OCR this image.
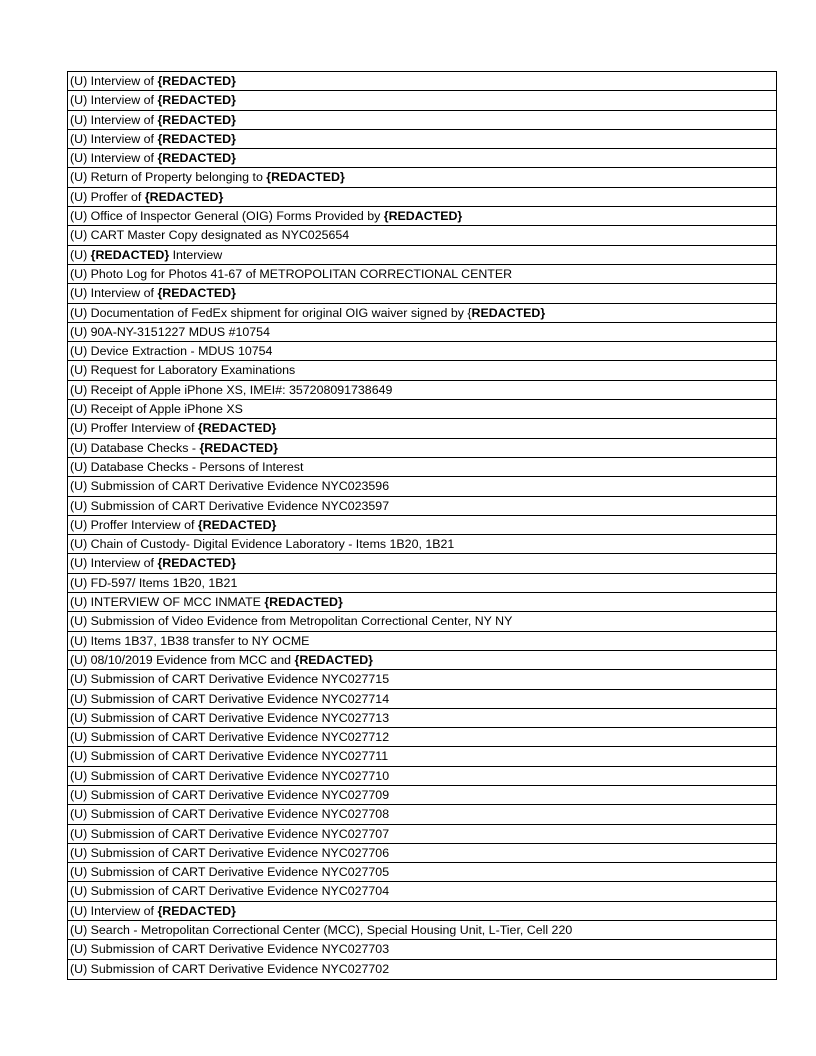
(U) Interview of {REDACTED}
(U) Interview of {REDACTED}
(U) Interview of {REDACTED}
(U) Interview of {REDACTED}
(U) Interview of {REDACTED}
(U) Return of Property belonging to {REDACTED}
(U) Proffer of {REDACTED}
(U) Office of Inspector General (OIG) Forms Provided by {REDACTED}
(U) CART Master Copy designated as NYC025654
(U) {REDACTED} Interview
(U) Photo Log for Photos 41-67 of METROPOLITAN CORRECTIONAL CENTER
(U) Interview of {REDACTED}
(U) Documentation of FedEx shipment for original OIG waiver signed by {REDACTED}
(U) 90A-NY-3151227 MDUS #10754
(U) Device Extraction - MDUS 10754
(U) Request for Laboratory Examinations
(U) Receipt of Apple iPhone XS, IMEI#: 357208091738649
(U) Receipt of Apple iPhone XS
(U) Proffer Interview of {REDACTED}
(U) Database Checks - {REDACTED}
(U) Database Checks - Persons of Interest
(U) Submission of CART Derivative Evidence NYC023596
(U) Submission of CART Derivative Evidence NYC023597
(U) Proffer Interview of {REDACTED}
(U) Chain of Custody- Digital Evidence Laboratory - Items 1B20, 1B21
(U) Interview of {REDACTED}
(U) FD-597/ Items 1B20, 1B21
(U) INTERVIEW OF MCC INMATE {REDACTED}
(U) Submission of Video Evidence from Metropolitan Correctional Center, NY NY
(U) Items 1B37, 1B38 transfer to NY OCME
(U) 08/10/2019 Evidence from MCC and {REDACTED}
(U) Submission of CART Derivative Evidence NYC027715
(U) Submission of CART Derivative Evidence NYC027714
(U) Submission of CART Derivative Evidence NYC027713
(U) Submission of CART Derivative Evidence NYC027712
(U) Submission of CART Derivative Evidence NYC027711
(U) Submission of CART Derivative Evidence NYC027710
(U) Submission of CART Derivative Evidence NYC027709
(U) Submission of CART Derivative Evidence NYC027708
(U) Submission of CART Derivative Evidence NYC027707
(U) Submission of CART Derivative Evidence NYC027706
(U) Submission of CART Derivative Evidence NYC027705
(U) Submission of CART Derivative Evidence NYC027704
(U) Interview of {REDACTED}
(U) Search - Metropolitan Correctional Center (MCC), Special Housing Unit, L-Tier, Cell 220
(U) Submission of CART Derivative Evidence NYC027703
(U) Submission of CART Derivative Evidence NYC027702
